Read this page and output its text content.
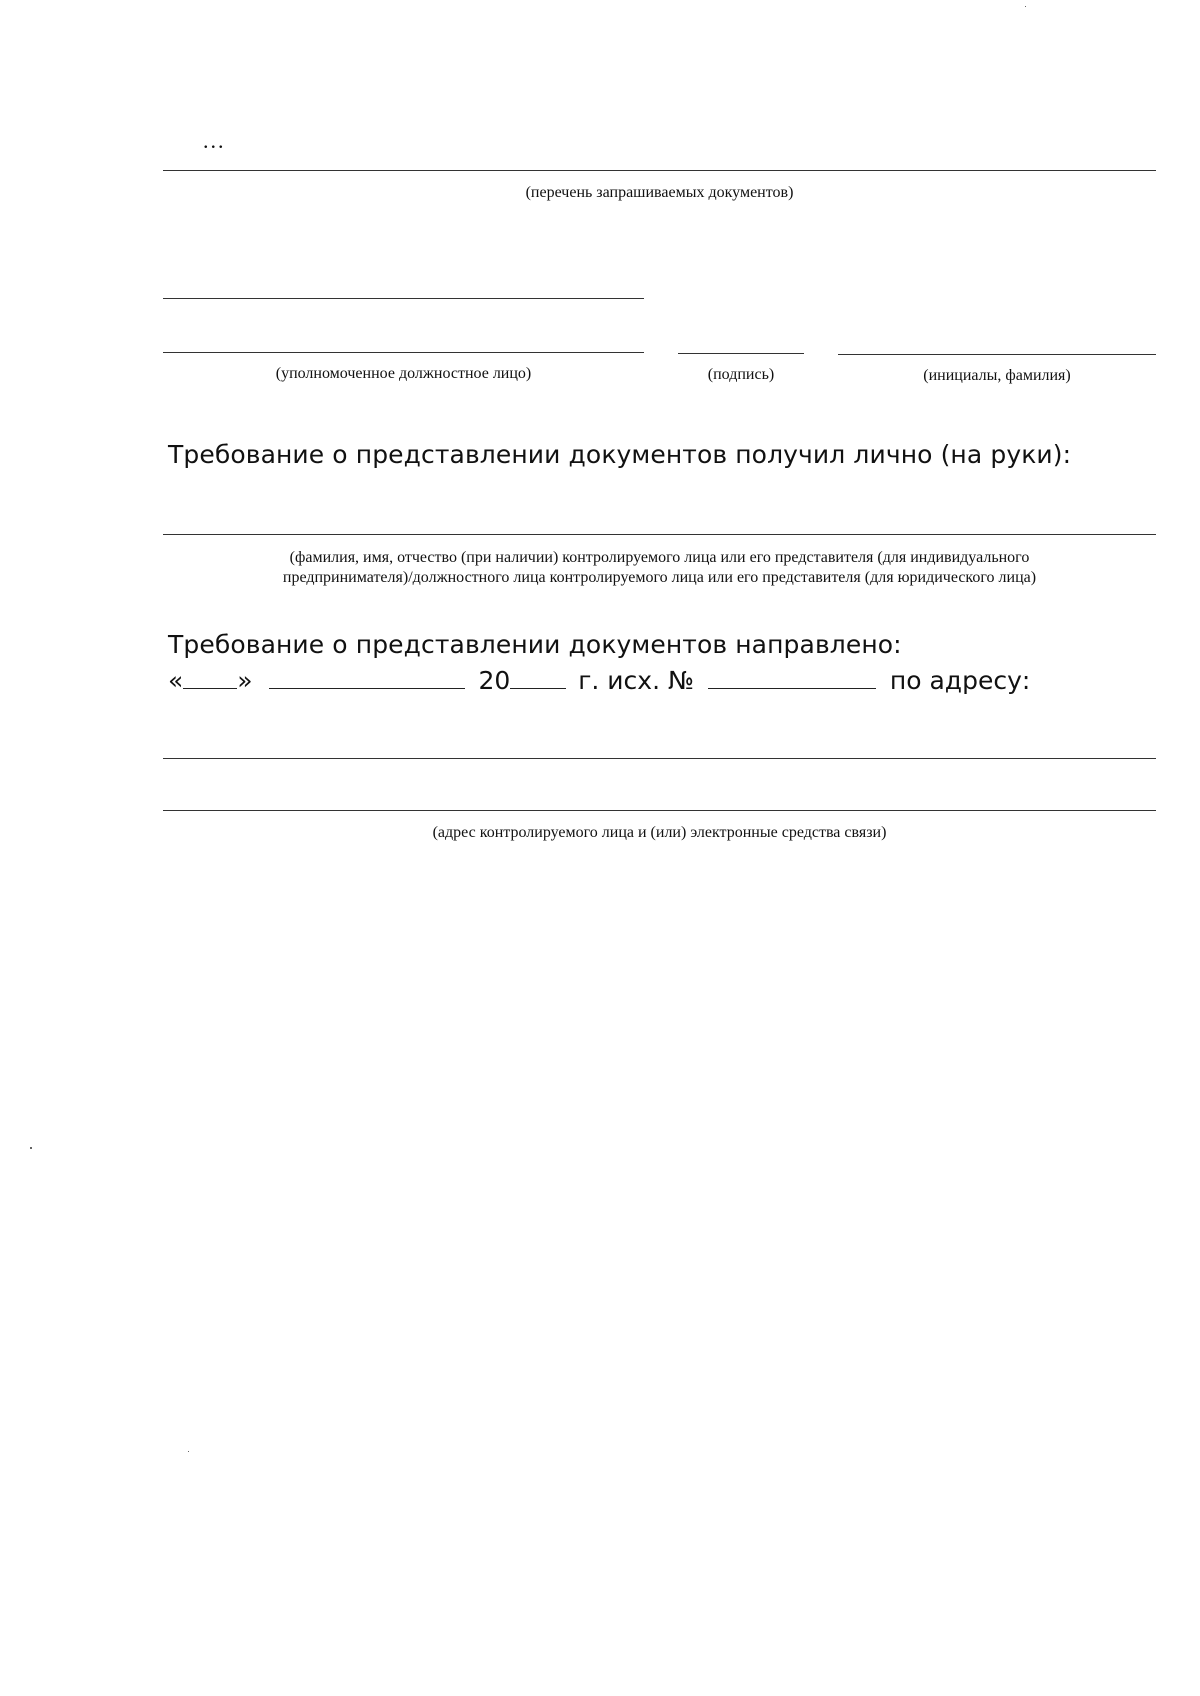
...
(перечень запрашиваемых документов)
(уполномоченное должностное лицо)	(подпись)	(инициалы, фамилия)
Требование о представлении документов получил лично (на руки):
(фамилия, имя, отчество (при наличии) контролируемого лица или его представителя (для индивидуального
предпринимателя)/должностного лица контролируемого лица или его представителя (для юридического лица)
Требование о представлении документов направлено:
« »	20	г. исх. №	по адресу:
(адрес контролируемого лица и (или) электронные средства связи)
